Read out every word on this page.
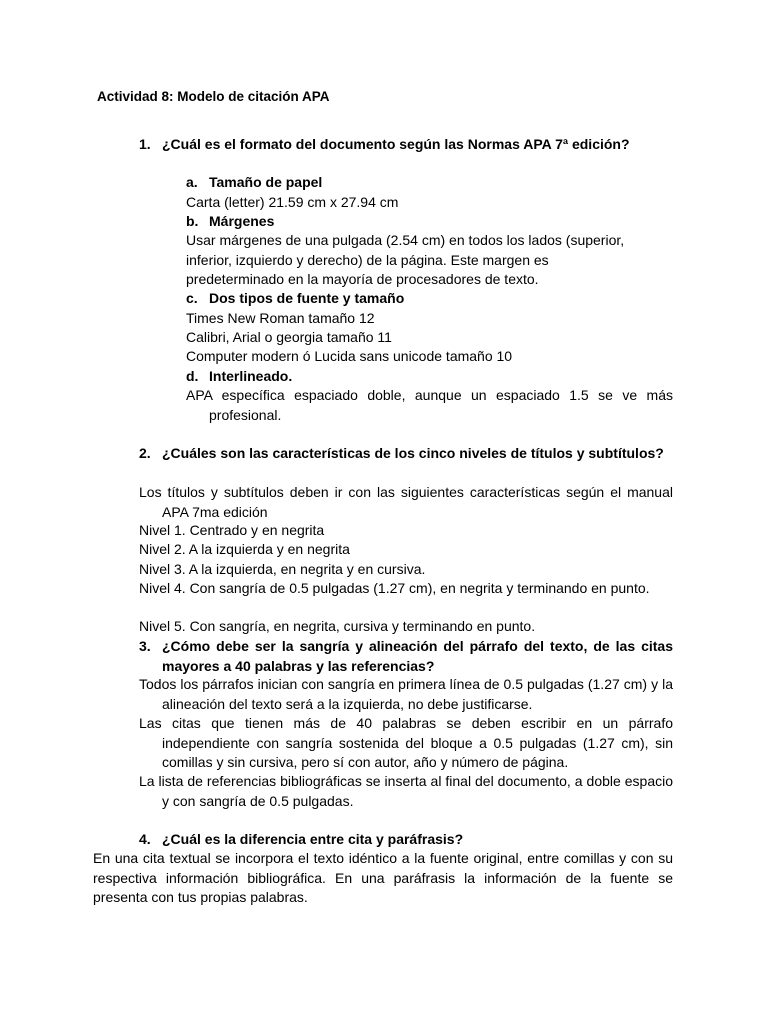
Actividad 8: Modelo de citación APA
1. ¿Cuál es el formato del documento según las Normas APA 7ª edición?
a. Tamaño de papel
Carta (letter) 21.59 cm x 27.94 cm
b. Márgenes
Usar márgenes de una pulgada (2.54 cm) en todos los lados (superior,
inferior, izquierdo y derecho) de la página. Este margen es
predeterminado en la mayoría de procesadores de texto.
c. Dos tipos de fuente y tamaño
Times New Roman tamaño 12
Calibri, Arial o georgia tamaño 11
Computer modern ó Lucida sans unicode tamaño 10
d. Interlineado.
APA específica espaciado doble, aunque un espaciado 1.5 se ve más profesional.
2. ¿Cuáles son las características de los cinco niveles de títulos y subtítulos?
Los títulos y subtítulos deben ir con las siguientes características según el manual APA 7ma edición
Nivel 1. Centrado y en negrita
Nivel 2. A la izquierda y en negrita
Nivel 3. A la izquierda, en negrita y en cursiva.
Nivel 4. Con sangría de 0.5 pulgadas (1.27 cm), en negrita y terminando en punto.
Nivel 5. Con sangría, en negrita, cursiva y terminando en punto.
3. ¿Cómo debe ser la sangría y alineación del párrafo del texto, de las citas mayores a 40 palabras y las referencias?
Todos los párrafos inician con sangría en primera línea de 0.5 pulgadas (1.27 cm) y la alineación del texto será a la izquierda, no debe justificarse.
Las citas que tienen más de 40 palabras se deben escribir en un párrafo independiente con sangría sostenida del bloque a 0.5 pulgadas (1.27 cm), sin comillas y sin cursiva, pero sí con autor, año y número de página.
La lista de referencias bibliográficas se inserta al final del documento, a doble espacio y con sangría de 0.5 pulgadas.
4. ¿Cuál es la diferencia entre cita y paráfrasis?
En una cita textual se incorpora el texto idéntico a la fuente original, entre comillas y con su respectiva información bibliográfica. En una paráfrasis la información de la fuente se presenta con tus propias palabras.
